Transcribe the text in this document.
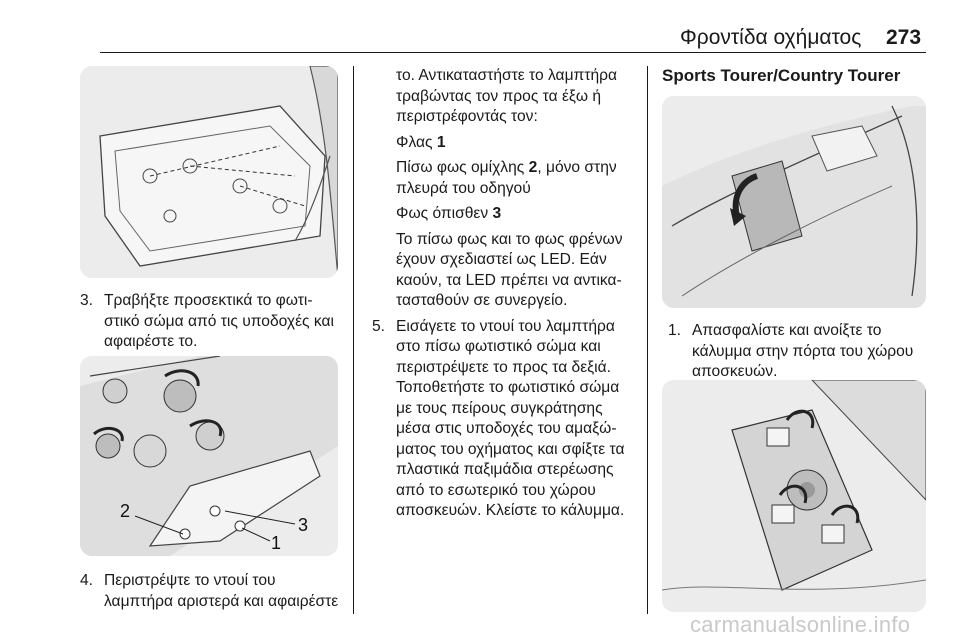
Φροντίδα οχήματος 273
3. Τραβήξτε προσεκτικά το φωτιστικό σώμα από τις υποδοχές και αφαιρέστε το.
2
3
1
4. Περιστρέψτε το ντουί του λαμπτήρα αριστερά και αφαιρέστε

το. Αντικαταστήστε το λαμπτήρα τραβώντας τον προς τα έξω ή περιστρέφοντάς τον:

Φλας 1

Πίσω φως ομίχλης 2, μόνο στην πλευρά του οδηγού

Φως όπισθεν 3

Το πίσω φως και το φως φρένων έχουν σχεδιαστεί ως LED. Εάν καούν, τα LED πρέπει να αντικατασταθούν σε συνεργείο.

5. Εισάγετε το ντουί του λαμπτήρα στο πίσω φωτιστικό σώμα και περιστρέψετε το προς τα δεξιά. Τοποθετήστε το φωτιστικό σώμα με τους πείρους συγκράτησης μέσα στις υποδοχές του αμαξώματος του οχήματος και σφίξτε τα πλαστικά παξιμάδια στερέωσης από το εσωτερικό του χώρου αποσκευών. Κλείστε το κάλυμμα.
Sports Tourer/Country Tourer
1. Απασφαλίστε και ανοίξτε το κάλυμμα στην πόρτα του χώρου αποσκευών.
carmanualsonline.info
